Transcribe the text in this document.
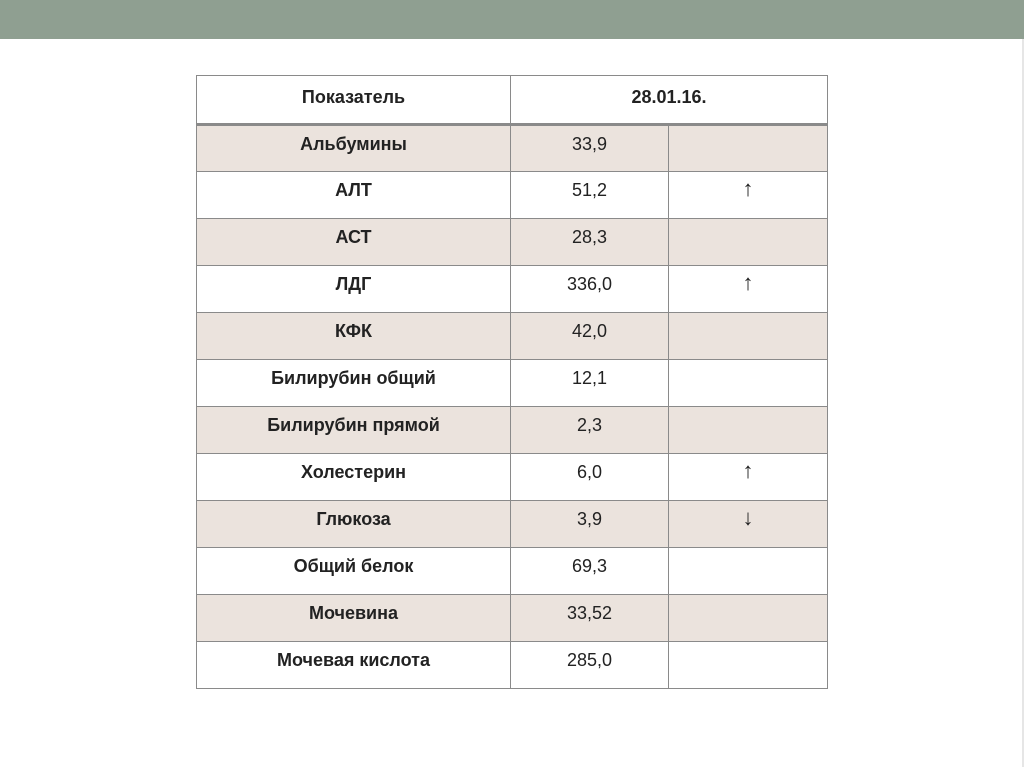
Показатель	28.01.16.	
Альбумины	33,9	
АЛТ	51,2	↑
АСТ	28,3	
ЛДГ	336,0	↑
КФК	42,0	
Билирубин общий	12,1	
Билирубин прямой	2,3	
Холестерин	6,0	↑
Глюкоза	3,9	↓
Общий белок	69,3	
Мочевина	33,52	
Мочевая кислота	285,0	
